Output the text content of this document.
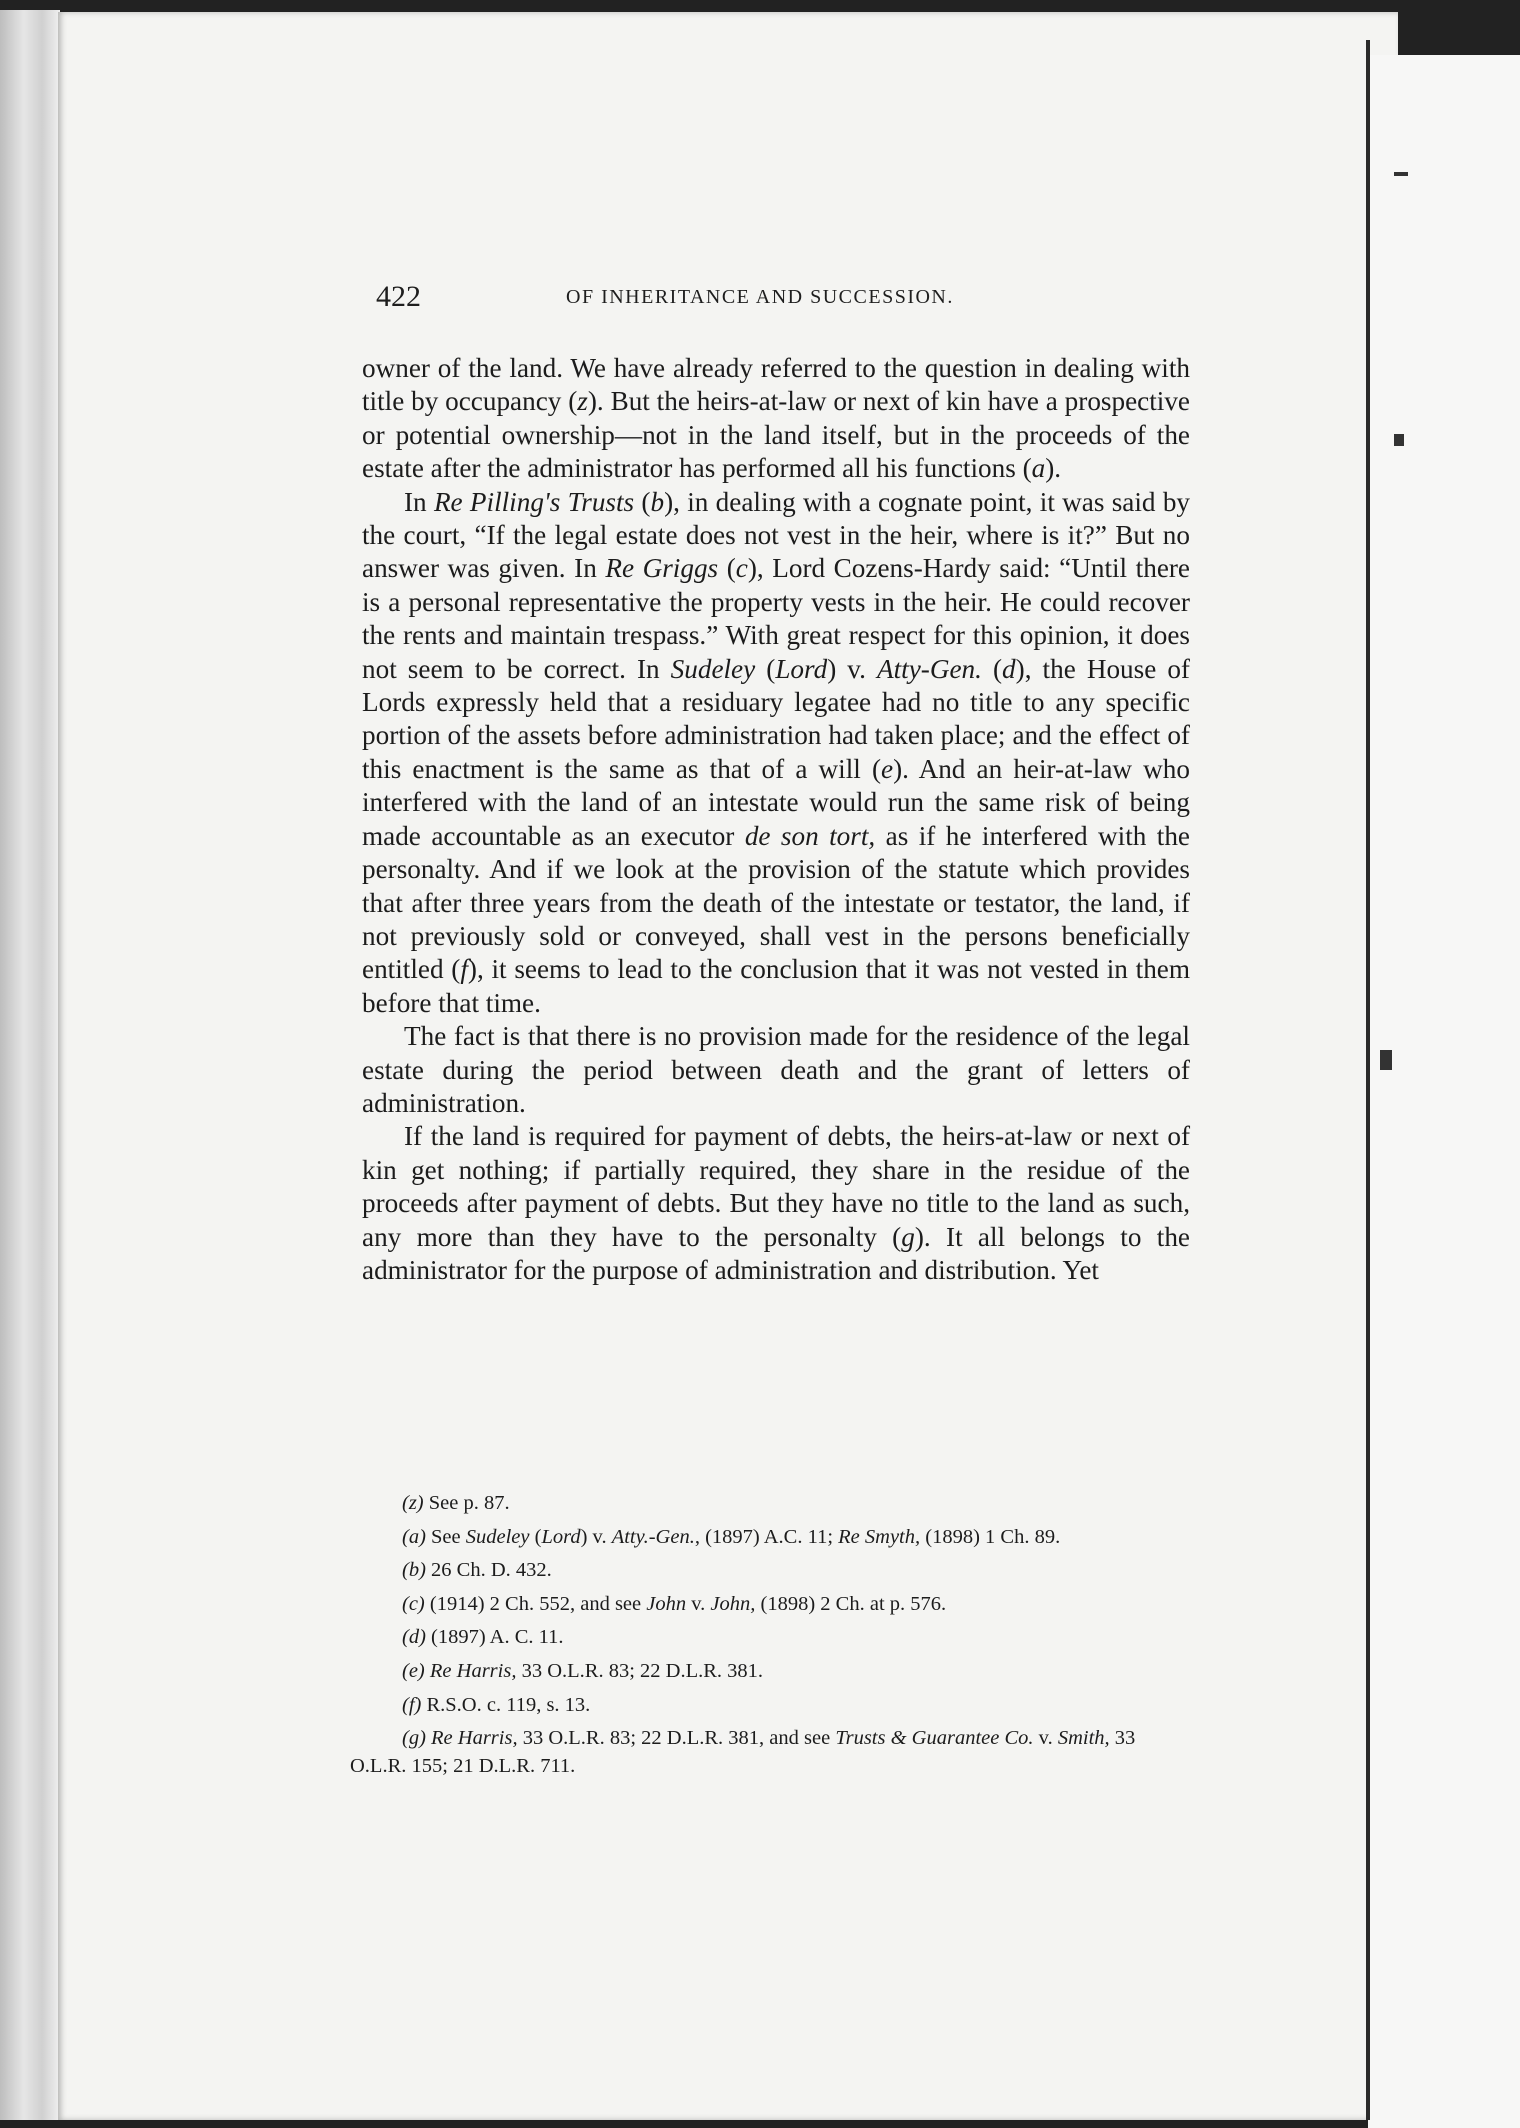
422	OF INHERITANCE AND SUCCESSION.

owner of the land. We have already referred to the question in dealing with title by occupancy (z). But the heirs-at-law or next of kin have a prospective or potential ownership—not in the land itself, but in the proceeds of the estate after the administrator has performed all his functions (a).

In Re Pilling's Trusts (b), in dealing with a cognate point, it was said by the court, “If the legal estate does not vest in the heir, where is it?” But no answer was given. In Re Griggs (c), Lord Cozens-Hardy said: “Until there is a personal representative the property vests in the heir. He could recover the rents and maintain trespass.” With great respect for this opinion, it does not seem to be correct. In Sudeley (Lord) v. Atty-Gen. (d), the House of Lords expressly held that a residuary legatee had no title to any specific portion of the assets before administration had taken place; and the effect of this enactment is the same as that of a will (e). And an heir-at-law who interfered with the land of an intestate would run the same risk of being made accountable as an executor de son tort, as if he interfered with the personalty. And if we look at the provision of the statute which provides that after three years from the death of the intestate or testator, the land, if not previously sold or conveyed, shall vest in the persons beneficially entitled (f), it seems to lead to the conclusion that it was not vested in them before that time.

The fact is that there is no provision made for the residence of the legal estate during the period between death and the grant of letters of administration.

If the land is required for payment of debts, the heirs-at-law or next of kin get nothing; if partially required, they share in the residue of the proceeds after payment of debts. But they have no title to the land as such, any more than they have to the personalty (g). It all belongs to the administrator for the purpose of administration and distribution. Yet

(z) See p. 87.

(a) See Sudeley (Lord) v. Atty.-Gen., (1897) A.C. 11; Re Smyth, (1898) 1 Ch. 89.

(b) 26 Ch. D. 432.

(c) (1914) 2 Ch. 552, and see John v. John, (1898) 2 Ch. at p. 576.

(d) (1897) A. C. 11.

(e) Re Harris, 33 O.L.R. 83; 22 D.L.R. 381.

(f) R.S.O. c. 119, s. 13.

(g) Re Harris, 33 O.L.R. 83; 22 D.L.R. 381, and see Trusts & Guarantee Co. v. Smith, 33 O.L.R. 155; 21 D.L.R. 711.
